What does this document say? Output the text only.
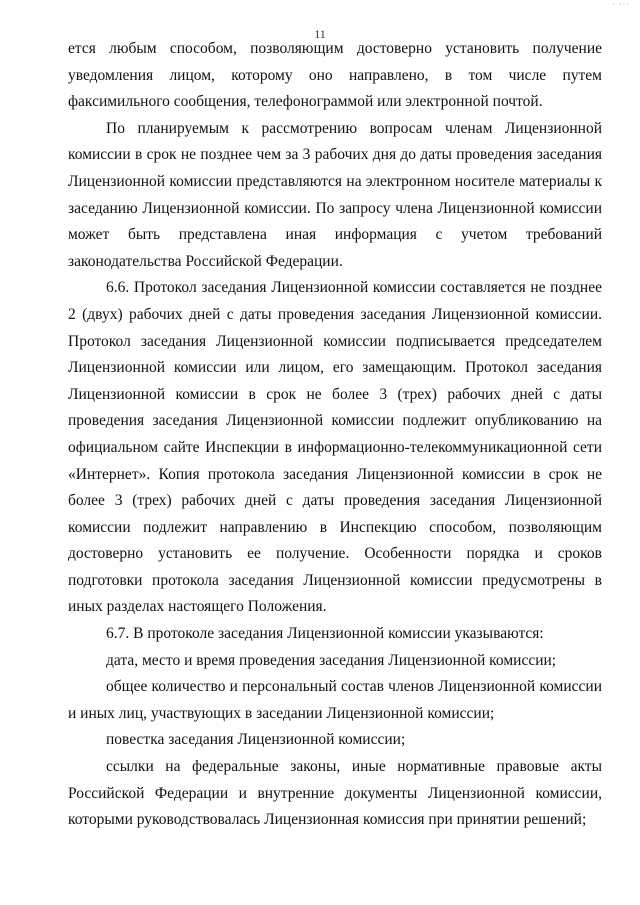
· ···
11

ется любым способом, позволяющим достоверно установить получение уведомления лицом, которому оно направлено, в том числе путем факсимильного сообщения, телефонограммой или электронной почтой.

По планируемым к рассмотрению вопросам членам Лицензионной комиссии в срок не позднее чем за 3 рабочих дня до даты проведения заседания Лицензионной комиссии представляются на электронном носителе материалы к заседанию Лицензионной комиссии. По запросу члена Лицензионной комиссии может быть представлена иная информация с учетом требований законодательства Российской Федерации.

6.6. Протокол заседания Лицензионной комиссии составляется не позднее 2 (двух) рабочих дней с даты проведения заседания Лицензионной комиссии. Протокол заседания Лицензионной комиссии подписывается председателем Лицензионной комиссии или лицом, его замещающим. Протокол заседания Лицензионной комиссии в срок не более 3 (трех) рабочих дней с даты проведения заседания Лицензионной комиссии подлежит опубликованию на официальном сайте Инспекции в информационно-телекоммуникационной сети «Интернет». Копия протокола заседания Лицензионной комиссии в срок не более 3 (трех) рабочих дней с даты проведения заседания Лицензионной комиссии подлежит направлению в Инспекцию способом, позволяющим достоверно установить ее получение. Особенности порядка и сроков подготовки протокола заседания Лицензионной комиссии предусмотрены в иных разделах настоящего Положения.

6.7. В протоколе заседания Лицензионной комиссии указываются:

дата, место и время проведения заседания Лицензионной комиссии;

общее количество и персональный состав членов Лицензионной комиссии и иных лиц, участвующих в заседании Лицензионной комиссии;

повестка заседания Лицензионной комиссии;

ссылки на федеральные законы, иные нормативные правовые акты Российской Федерации и внутренние документы Лицензионной комиссии, которыми руководствовалась Лицензионная комиссия при принятии решений;
